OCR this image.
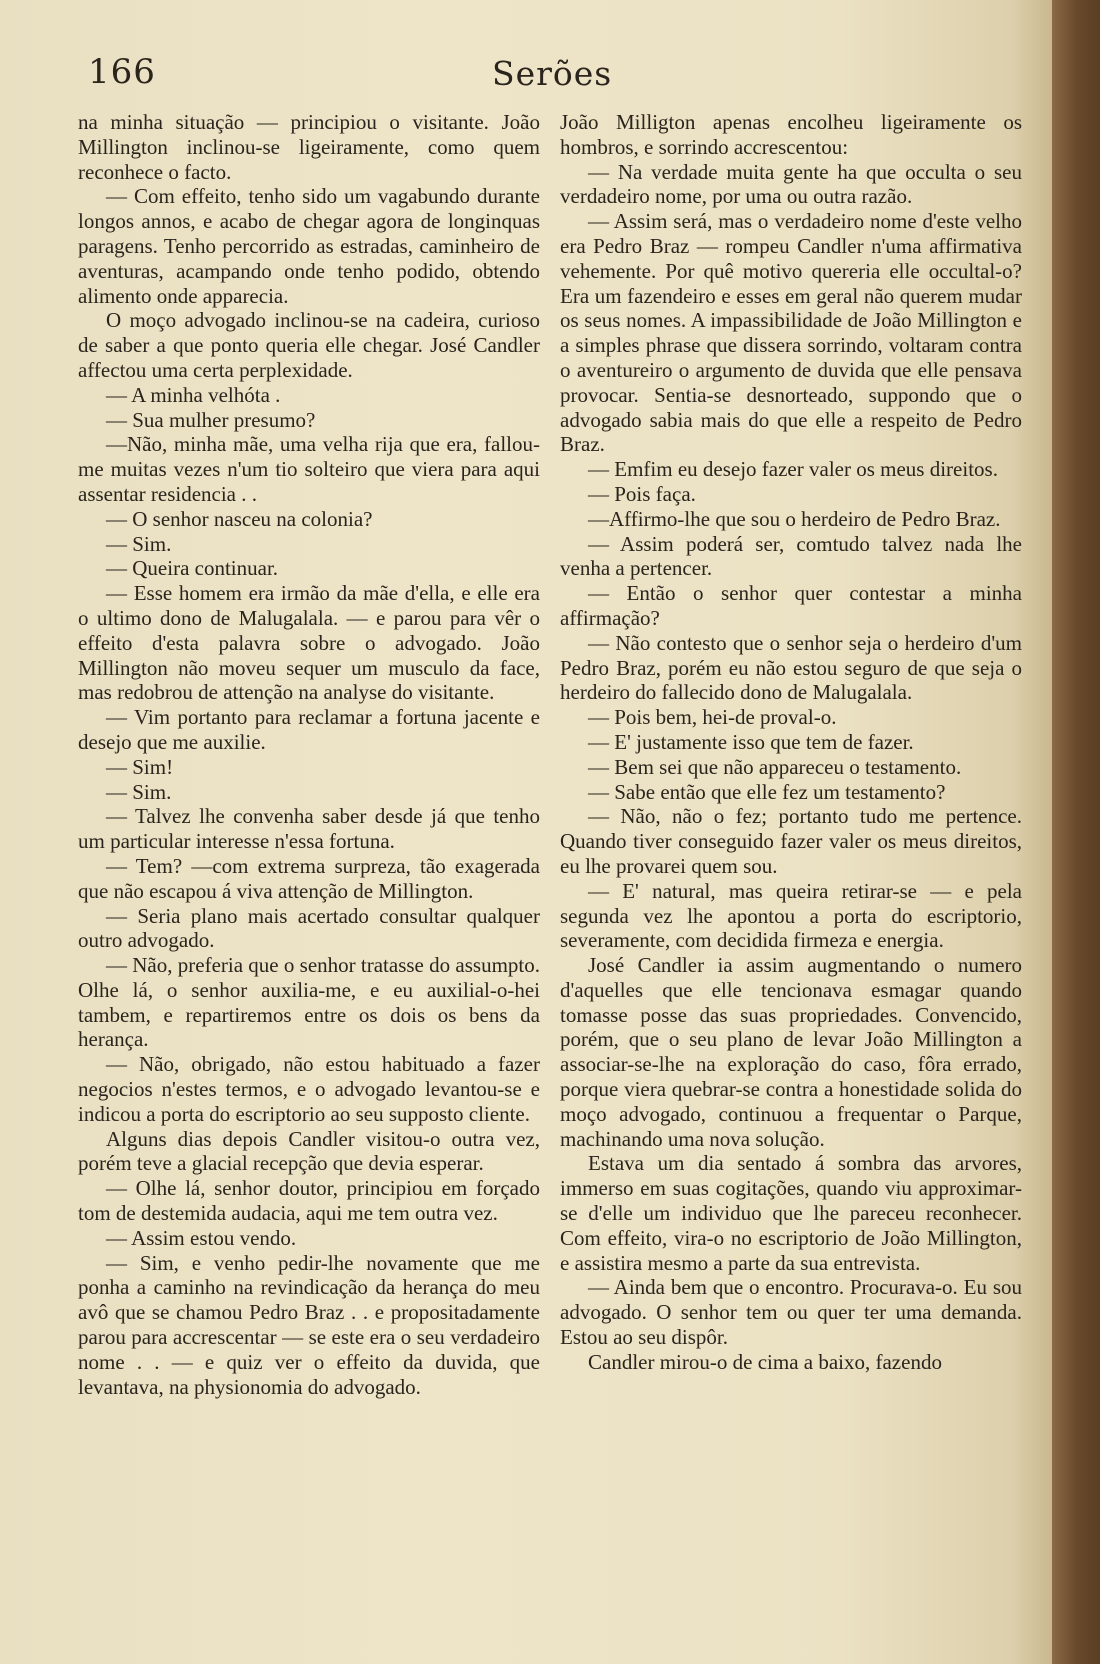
166	Serões

na minha situação — principiou o visitante. João Millington inclinou-se ligeiramente, como quem reconhece o facto.

— Com effeito, tenho sido um vagabundo durante longos annos, e acabo de chegar agora de longinquas paragens. Tenho percorrido as estradas, caminheiro de aventuras, acampando onde tenho podido, obtendo alimento onde apparecia.

O moço advogado inclinou-se na cadeira, curioso de saber a que ponto queria elle chegar. José Candler affectou uma certa perplexidade.

— A minha velhóta .

— Sua mulher presumo?

—Não, minha mãe, uma velha rija que era, fallou-me muitas vezes n'um tio solteiro que viera para aqui assentar residencia . .

— O senhor nasceu na colonia?

— Sim.

— Queira continuar.

— Esse homem era irmão da mãe d'ella, e elle era o ultimo dono de Malugalala. — e parou para vêr o effeito d'esta palavra sobre o advogado. João Millington não moveu sequer um musculo da face, mas redobrou de attenção na analyse do visitante.

— Vim portanto para reclamar a fortuna jacente e desejo que me auxilie.

— Sim!

— Sim.

— Talvez lhe convenha saber desde já que tenho um particular interesse n'essa fortuna.

— Tem? —com extrema surpreza, tão exagerada que não escapou á viva attenção de Millington.

— Seria plano mais acertado consultar qualquer outro advogado.

— Não, preferia que o senhor tratasse do assumpto. Olhe lá, o senhor auxilia-me, e eu auxilial-o-hei tambem, e repartiremos entre os dois os bens da herança.

— Não, obrigado, não estou habituado a fazer negocios n'estes termos, e o advogado levantou-se e indicou a porta do escriptorio ao seu supposto cliente.

Alguns dias depois Candler visitou-o outra vez, porém teve a glacial recepção que devia esperar.

— Olhe lá, senhor doutor, principiou em forçado tom de destemida audacia, aqui me tem outra vez.

— Assim estou vendo.

— Sim, e venho pedir-lhe novamente que me ponha a caminho na revindicação da herança do meu avô que se chamou Pedro Braz . . e propositadamente parou para accrescentar — se este era o seu verdadeiro nome . . — e quiz ver o effeito da duvida, que levantava, na physionomia do advogado.

João Milligton apenas encolheu ligeiramente os hombros, e sorrindo accrescentou:

— Na verdade muita gente ha que occulta o seu verdadeiro nome, por uma ou outra razão.

— Assim será, mas o verdadeiro nome d'este velho era Pedro Braz — rompeu Candler n'uma affirmativa vehemente. Por quê motivo quereria elle occultal-o? Era um fazendeiro e esses em geral não querem mudar os seus nomes. A impassibilidade de João Millington e a simples phrase que dissera sorrindo, voltaram contra o aventureiro o argumento de duvida que elle pensava provocar. Sentia-se desnorteado, suppondo que o advogado sabia mais do que elle a respeito de Pedro Braz.

— Emfim eu desejo fazer valer os meus direitos.

— Pois faça.

—Affirmo-lhe que sou o herdeiro de Pedro Braz.

— Assim poderá ser, comtudo talvez nada lhe venha a pertencer.

— Então o senhor quer contestar a minha affirmação?

— Não contesto que o senhor seja o herdeiro d'um Pedro Braz, porém eu não estou seguro de que seja o herdeiro do fallecido dono de Malugalala.

— Pois bem, hei-de proval-o.

— E' justamente isso que tem de fazer.

— Bem sei que não appareceu o testamento.

— Sabe então que elle fez um testamento?

— Não, não o fez; portanto tudo me pertence. Quando tiver conseguido fazer valer os meus direitos, eu lhe provarei quem sou.

— E' natural, mas queira retirar-se — e pela segunda vez lhe apontou a porta do escriptorio, severamente, com decidida firmeza e energia.

José Candler ia assim augmentando o numero d'aquelles que elle tencionava esmagar quando tomasse posse das suas propriedades. Convencido, porém, que o seu plano de levar João Millington a associar-se-lhe na exploração do caso, fôra errado, porque viera quebrar-se contra a honestidade solida do moço advogado, continuou a frequentar o Parque, machinando uma nova solução.

Estava um dia sentado á sombra das arvores, immerso em suas cogitações, quando viu approximar-se d'elle um individuo que lhe pareceu reconhecer. Com effeito, vira-o no escriptorio de João Millington, e assistira mesmo a parte da sua entrevista.

— Ainda bem que o encontro. Procurava-o. Eu sou advogado. O senhor tem ou quer ter uma demanda. Estou ao seu dispôr.

Candler mirou-o de cima a baixo, fazendo
